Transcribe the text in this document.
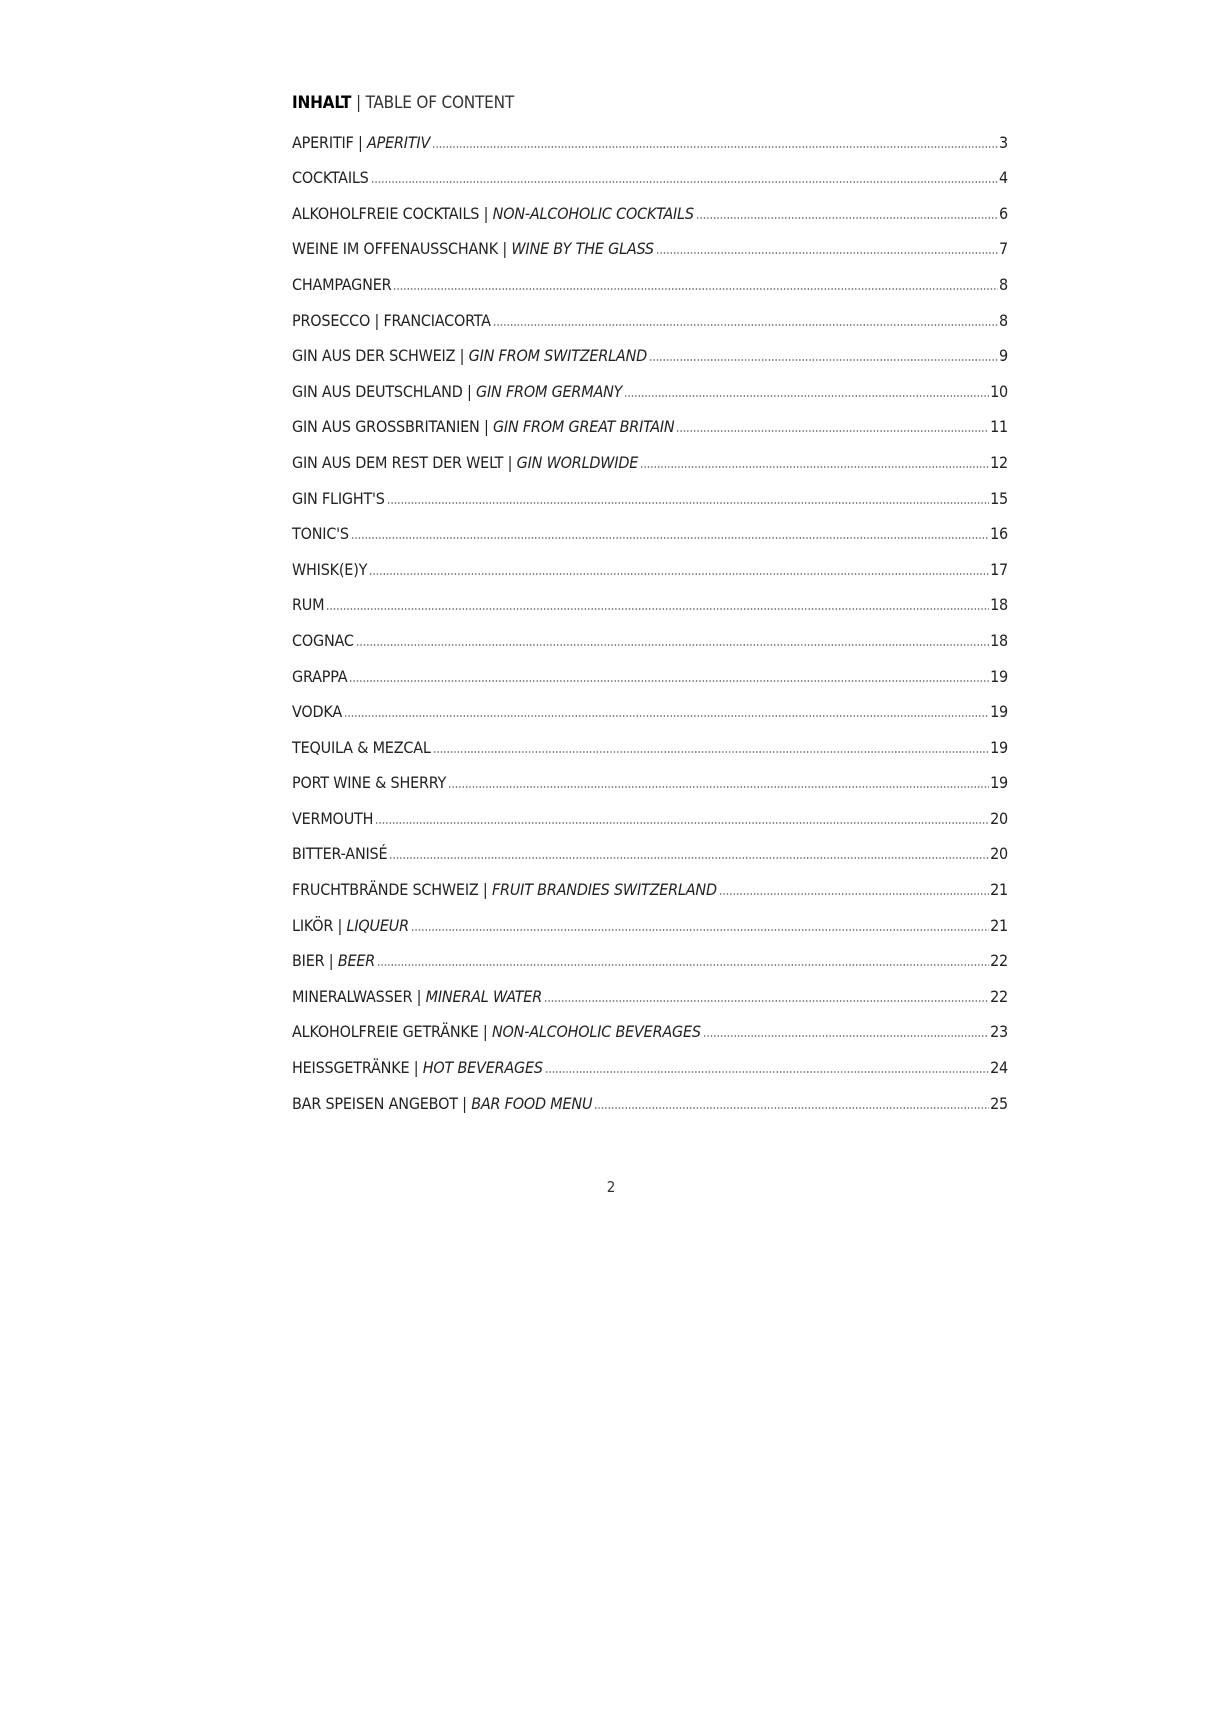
INHALT | TABLE OF CONTENT
APERITIF | APERITIV	3
COCKTAILS	4
ALKOHOLFREIE COCKTAILS | NON-ALCOHOLIC COCKTAILS	6
WEINE IM OFFENAUSSCHANK | WINE BY THE GLASS	7
CHAMPAGNER	8
PROSECCO | FRANCIACORTA	8
GIN AUS DER SCHWEIZ | GIN FROM SWITZERLAND	9
GIN AUS DEUTSCHLAND | GIN FROM GERMANY	10
GIN AUS GROSSBRITANIEN | GIN FROM GREAT BRITAIN	11
GIN AUS DEM REST DER WELT | GIN WORLDWIDE	12
GIN FLIGHT'S	15
TONIC'S	16
WHISK(E)Y	17
RUM	18
COGNAC	18
GRAPPA	19
VODKA	19
TEQUILA & MEZCAL	19
PORT WINE & SHERRY	19
VERMOUTH	20
BITTER-ANISÉ	20
FRUCHTBRÄNDE SCHWEIZ | FRUIT BRANDIES SWITZERLAND	21
LIKÖR | LIQUEUR	21
BIER | BEER	22
MINERALWASSER | MINERAL WATER	22
ALKOHOLFREIE GETRÄNKE | NON-ALCOHOLIC BEVERAGES	23
HEISSGETRÄNKE | HOT BEVERAGES	24
BAR SPEISEN ANGEBOT | BAR FOOD MENU	25
2
